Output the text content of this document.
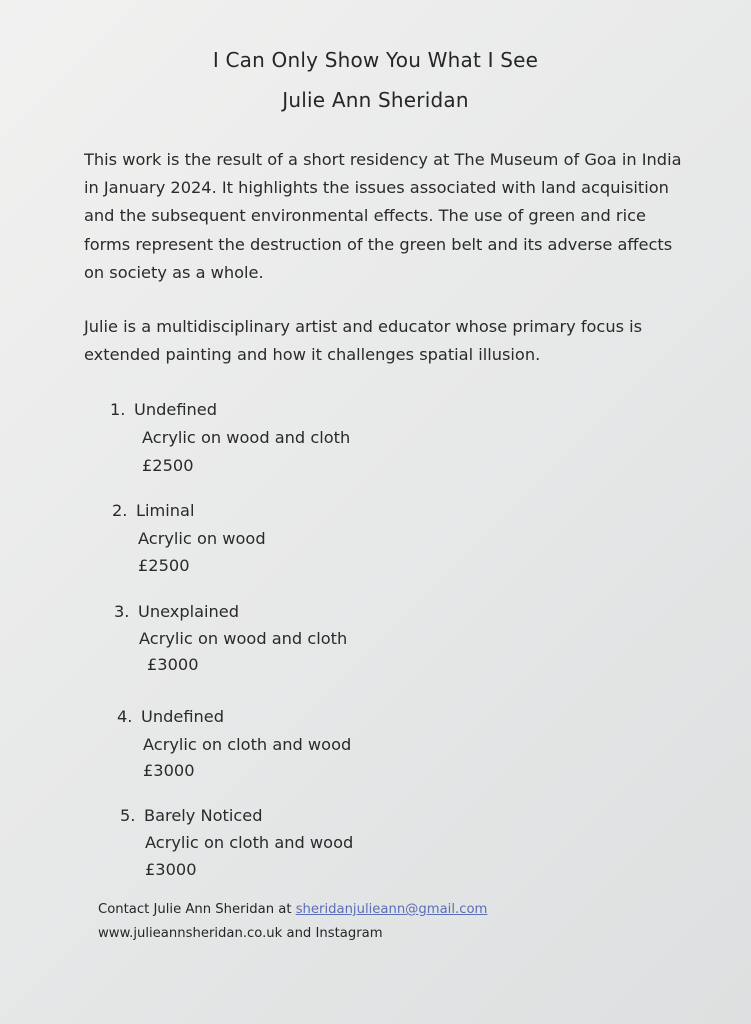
I Can Only Show You What I See
Julie Ann Sheridan

This work is the result of a short residency at The Museum of Goa in India in January 2024. It highlights the issues associated with land acquisition and the subsequent environmental effects. The use of green and rice forms represent the destruction of the green belt and its adverse affects on society as a whole.

Julie is a multidisciplinary artist and educator whose primary focus is extended painting and how it challenges spatial illusion.

1. Undefined
Acrylic on wood and cloth
£2500
2. Liminal
Acrylic on wood
£2500
3. Unexplained
Acrylic on wood and cloth
£3000
4. Undefined
Acrylic on cloth and wood
£3000
5. Barely Noticed
Acrylic on cloth and wood
£3000
Contact Julie Ann Sheridan at sheridanjulieann@gmail.com
www.julieannsheridan.co.uk and Instagram
